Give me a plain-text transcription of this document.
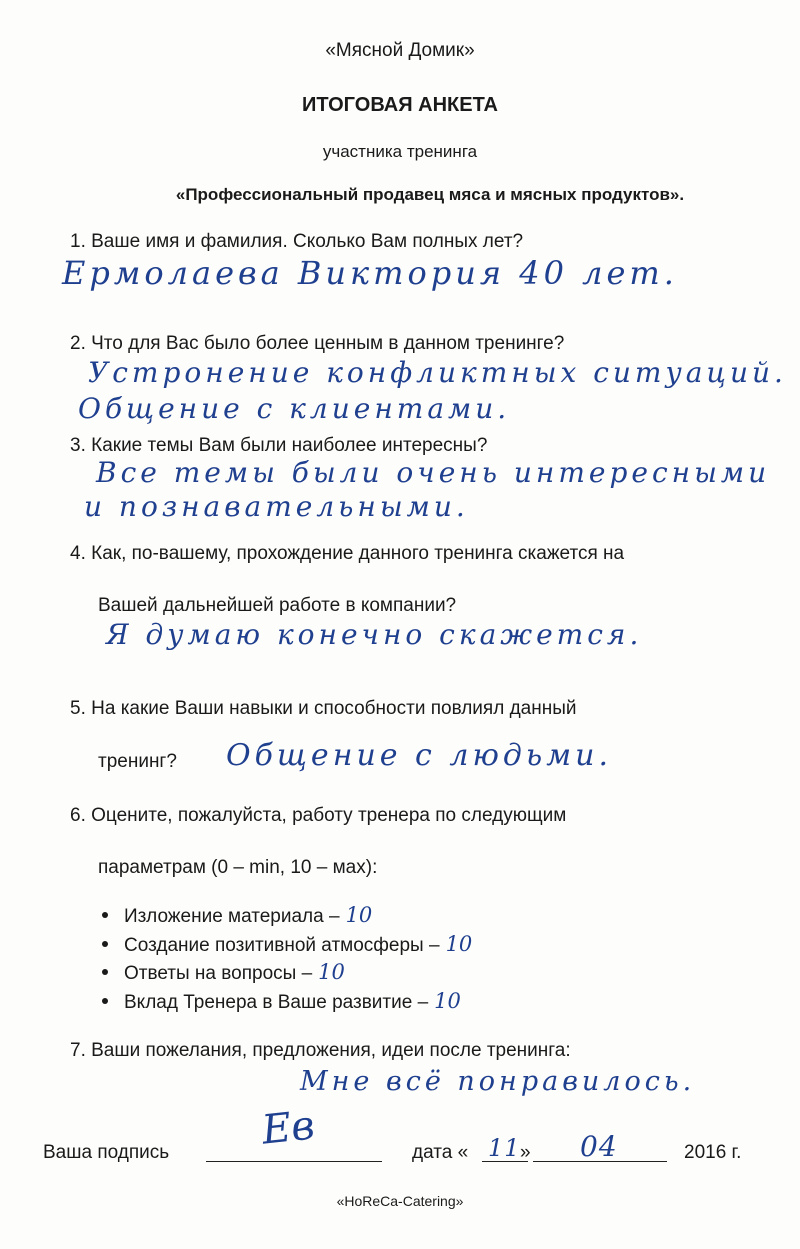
«Мясной Домик»
ИТОГОВАЯ АНКЕТА
участника тренинга
«Профессиональный продавец мяса и мясных продуктов».
1. Ваше имя и фамилия. Сколько Вам полных лет?
Ермолаева Виктория 40 лет.
2. Что для Вас было более ценным в данном тренинге?
Устронение конфликтных ситуаций.
Общение с клиентами.
3. Какие темы Вам были наиболее интересны?
Все темы были очень интересными
и познавательными.
4. Как, по-вашему, прохождение данного тренинга скажется на
Вашей дальнейшей работе в компании?
Я думаю конечно скажется.
5. На какие Ваши навыки и способности повлиял данный
тренинг? Общение с людьми.
6. Оцените, пожалуйста, работу тренера по следующим
параметрам (0 – min, 10 – мах):
Изложение материала – 10
Создание позитивной атмосферы – 10
Ответы на вопросы – 10
Вклад Тренера в Ваше развитие – 10
7. Ваши пожелания, предложения, идеи после тренинга:
Мне всё понравилось.
Ваша подпись Ев	дата « 11 » 04	2016 г.
«HoReCa-Catering»
